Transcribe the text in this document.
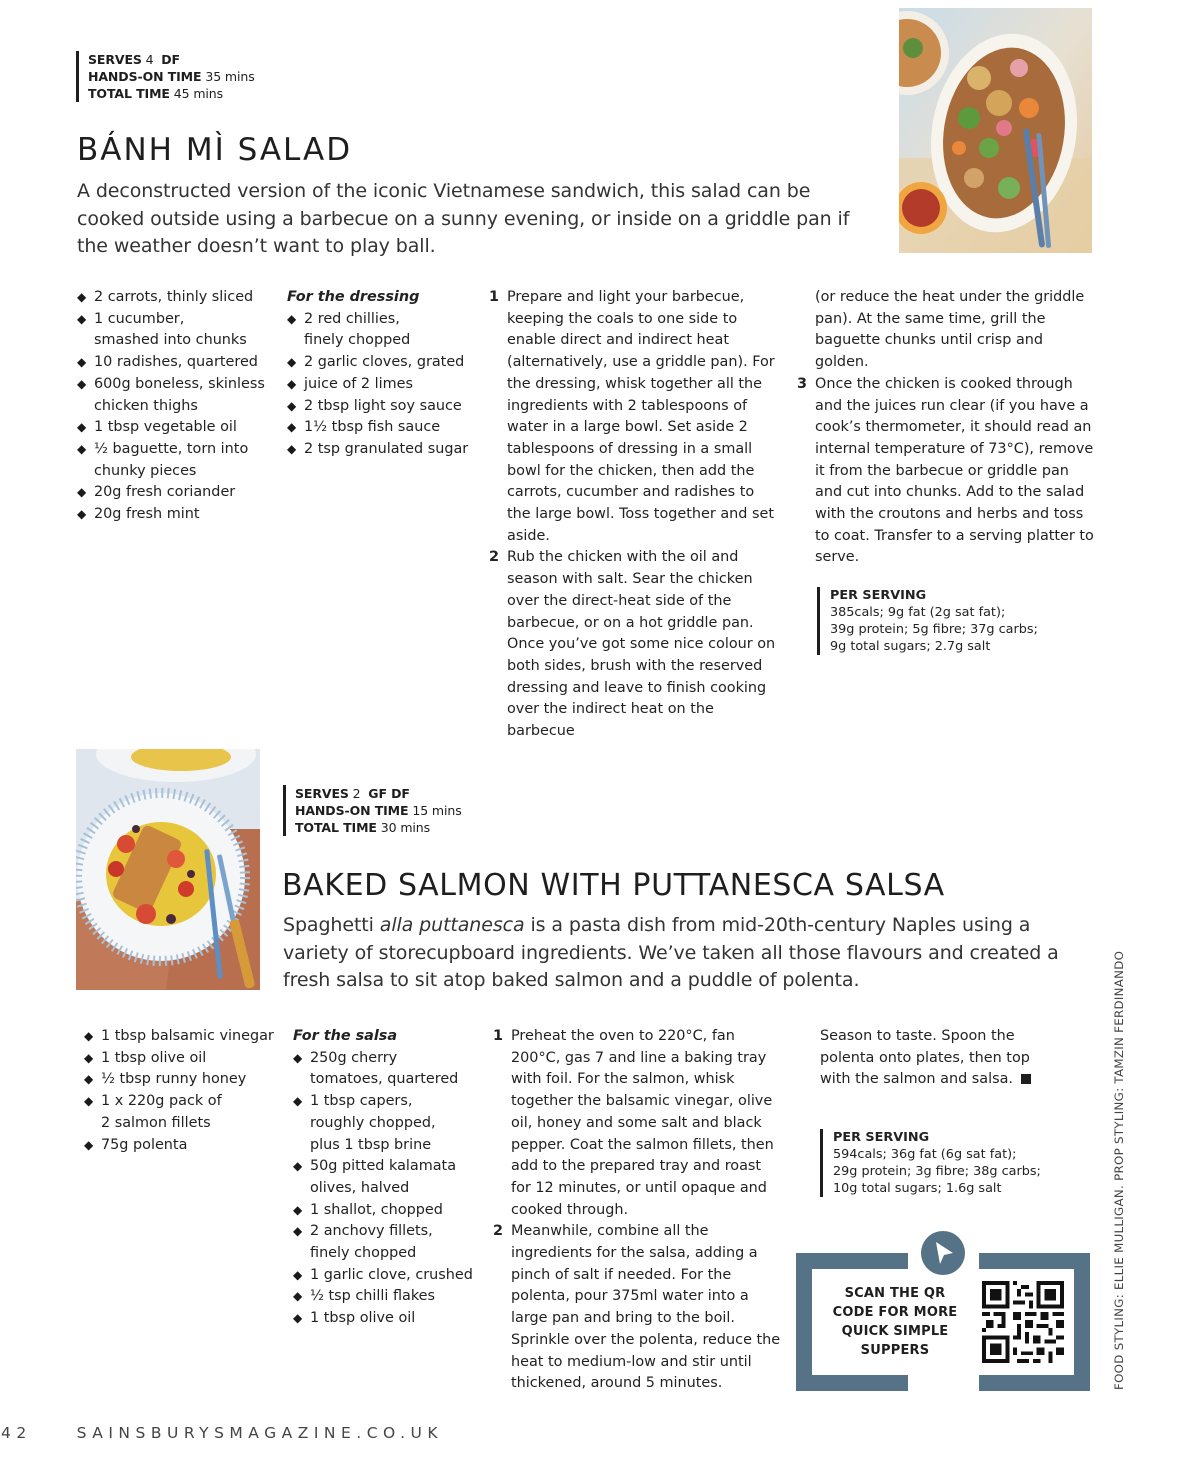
SERVES 4 DF
HANDS-ON TIME 35 mins
TOTAL TIME 45 mins
BÁNH MÌ SALAD

A deconstructed version of the iconic Vietnamese sandwich, this salad can be cooked outside using a barbecue on a sunny evening, or inside on a griddle pan if the weather doesn’t want to play ball.

◆ 2 carrots, thinly sliced
◆ 1 cucumber, smashed into chunks
◆ 10 radishes, quartered
◆ 600g boneless, skinless chicken thighs
◆ 1 tbsp vegetable oil
◆ ½ baguette, torn into chunky pieces
◆ 20g fresh coriander
◆ 20g fresh mint
For the dressing
◆ 2 red chillies, finely chopped
◆ 2 garlic cloves, grated
◆ juice of 2 limes
◆ 2 tbsp light soy sauce
◆ 1½ tbsp fish sauce
◆ 2 tsp granulated sugar
1 Prepare and light your barbecue, keeping the coals to one side to enable direct and indirect heat (alternatively, use a griddle pan). For the dressing, whisk together all the ingredients with 2 tablespoons of water in a large bowl. Set aside 2 tablespoons of dressing in a small bowl for the chicken, then add the carrots, cucumber and radishes to the large bowl. Toss together and set aside.
2 Rub the chicken with the oil and season with salt. Sear the chicken over the direct-heat side of the barbecue, or on a hot griddle pan. Once you’ve got some nice colour on both sides, brush with the reserved dressing and leave to finish cooking over the indirect heat on the barbecue
(or reduce the heat under the griddle pan). At the same time, grill the baguette chunks until crisp and golden.
3 Once the chicken is cooked through and the juices run clear (if you have a cook’s thermometer, it should read an internal temperature of 73°C), remove it from the barbecue or griddle pan and cut into chunks. Add to the salad with the croutons and herbs and toss to coat. Transfer to a serving platter to serve.
PER SERVING
385cals; 9g fat (2g sat fat);
39g protein; 5g fibre; 37g carbs;
9g total sugars; 2.7g salt
SERVES 2 GF DF
HANDS-ON TIME 15 mins
TOTAL TIME 30 mins
BAKED SALMON WITH PUTTANESCA SALSA

Spaghetti alla puttanesca is a pasta dish from mid-20th-century Naples using a variety of storecupboard ingredients. We’ve taken all those flavours and created a fresh salsa to sit atop baked salmon and a puddle of polenta.

◆ 1 tbsp balsamic vinegar
◆ 1 tbsp olive oil
◆ ½ tbsp runny honey
◆ 1 x 220g pack of 2 salmon fillets
◆ 75g polenta
For the salsa
◆ 250g cherry tomatoes, quartered
◆ 1 tbsp capers, roughly chopped, plus 1 tbsp brine
◆ 50g pitted kalamata olives, halved
◆ 1 shallot, chopped
◆ 2 anchovy fillets, finely chopped
◆ 1 garlic clove, crushed
◆ ½ tsp chilli flakes
◆ 1 tbsp olive oil
1 Preheat the oven to 220°C, fan 200°C, gas 7 and line a baking tray with foil. For the salmon, whisk together the balsamic vinegar, olive oil, honey and some salt and black pepper. Coat the salmon fillets, then add to the prepared tray and roast for 12 minutes, or until opaque and cooked through.
2 Meanwhile, combine all the ingredients for the salsa, adding a pinch of salt if needed. For the polenta, pour 375ml water into a large pan and bring to the boil. Sprinkle over the polenta, reduce the heat to medium-low and stir until thickened, around 5 minutes.
Season to taste. Spoon the polenta onto plates, then top with the salmon and salsa.
PER SERVING
594cals; 36g fat (6g sat fat);
29g protein; 3g fibre; 38g carbs;
10g total sugars; 1.6g salt
SCAN THE QR
CODE FOR MORE
QUICK SIMPLE
SUPPERS	FOOD STYLING: ELLIE MULLIGAN. PROP STYLING: TAMZIN FERDINANDO
42	SAINSBURYSMAGAZINE.CO.UK
